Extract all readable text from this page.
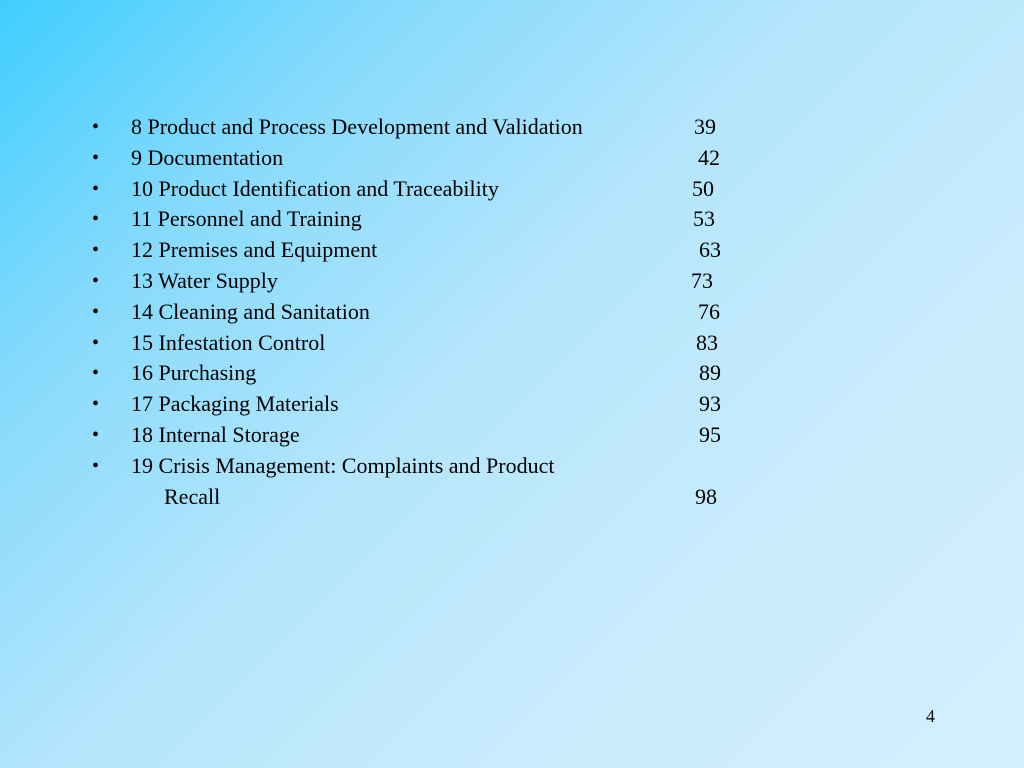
• 8 Product and Process Development and Validation	39
• 9 Documentation	42
• 10 Product Identification and Traceability	50
• 11 Personnel and Training	53
• 12 Premises and Equipment	63
• 13 Water Supply	73
• 14 Cleaning and Sanitation	76
• 15 Infestation Control	83
• 16 Purchasing	89
• 17 Packaging Materials	93
• 18 Internal Storage	95
• 19 Crisis Management: Complaints and Product
Recall	98
4
